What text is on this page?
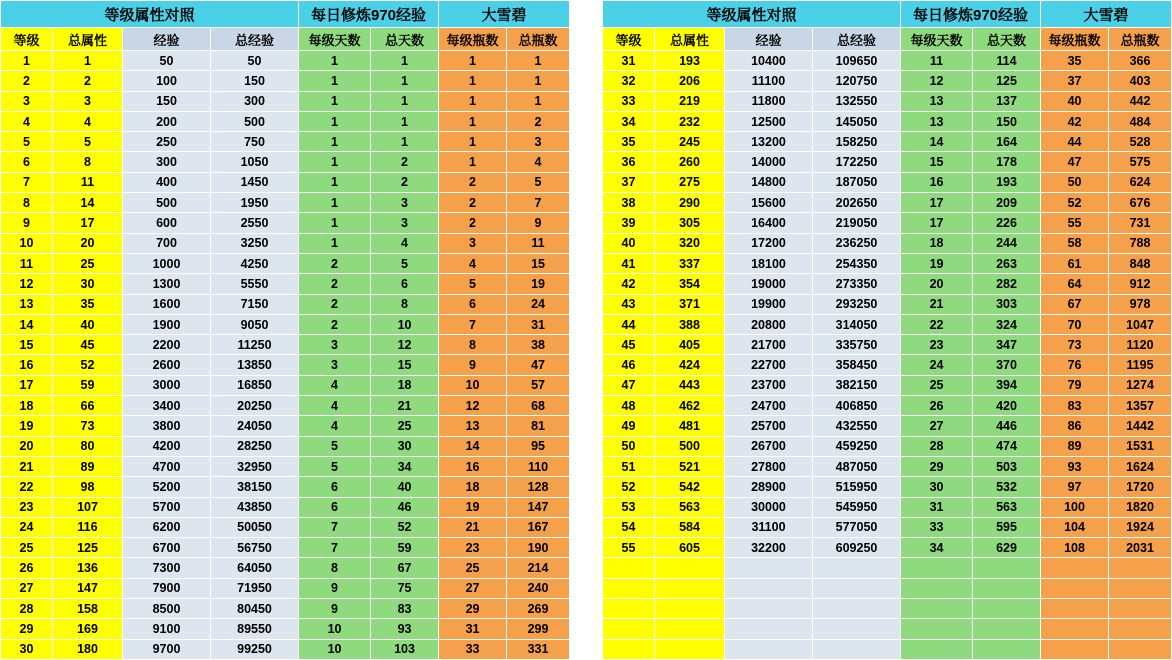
等级属性对照				每日修炼970经验		大雪碧	
等级	总属性	经验	总经验	每级天数	总天数	每级瓶数	总瓶数
1	1	50	50	1	1	1	1
2	2	100	150	1	1	1	1
3	3	150	300	1	1	1	1
4	4	200	500	1	1	1	2
5	5	250	750	1	1	1	3
6	8	300	1050	1	2	1	4
7	11	400	1450	1	2	2	5
8	14	500	1950	1	3	2	7
9	17	600	2550	1	3	2	9
10	20	700	3250	1	4	3	11
11	25	1000	4250	2	5	4	15
12	30	1300	5550	2	6	5	19
13	35	1600	7150	2	8	6	24
14	40	1900	9050	2	10	7	31
15	45	2200	11250	3	12	8	38
16	52	2600	13850	3	15	9	47
17	59	3000	16850	4	18	10	57
18	66	3400	20250	4	21	12	68
19	73	3800	24050	4	25	13	81
20	80	4200	28250	5	30	14	95
21	89	4700	32950	5	34	16	110
22	98	5200	38150	6	40	18	128
23	107	5700	43850	6	46	19	147
24	116	6200	50050	7	52	21	167
25	125	6700	56750	7	59	23	190
26	136	7300	64050	8	67	25	214
27	147	7900	71950	9	75	27	240
28	158	8500	80450	9	83	29	269
29	169	9100	89550	10	93	31	299
30	180	9700	99250	10	103	33	331
等级属性对照				每日修炼970经验		大雪碧	
等级	总属性	经验	总经验	每级天数	总天数	每级瓶数	总瓶数
31	193	10400	109650	11	114	35	366
32	206	11100	120750	12	125	37	403
33	219	11800	132550	13	137	40	442
34	232	12500	145050	13	150	42	484
35	245	13200	158250	14	164	44	528
36	260	14000	172250	15	178	47	575
37	275	14800	187050	16	193	50	624
38	290	15600	202650	17	209	52	676
39	305	16400	219050	17	226	55	731
40	320	17200	236250	18	244	58	788
41	337	18100	254350	19	263	61	848
42	354	19000	273350	20	282	64	912
43	371	19900	293250	21	303	67	978
44	388	20800	314050	22	324	70	1047
45	405	21700	335750	23	347	73	1120
46	424	22700	358450	24	370	76	1195
47	443	23700	382150	25	394	79	1274
48	462	24700	406850	26	420	83	1357
49	481	25700	432550	27	446	86	1442
50	500	26700	459250	28	474	89	1531
51	521	27800	487050	29	503	93	1624
52	542	28900	515950	30	532	97	1720
53	563	30000	545950	31	563	100	1820
54	584	31100	577050	33	595	104	1924
55	605	32200	609250	34	629	108	2031
